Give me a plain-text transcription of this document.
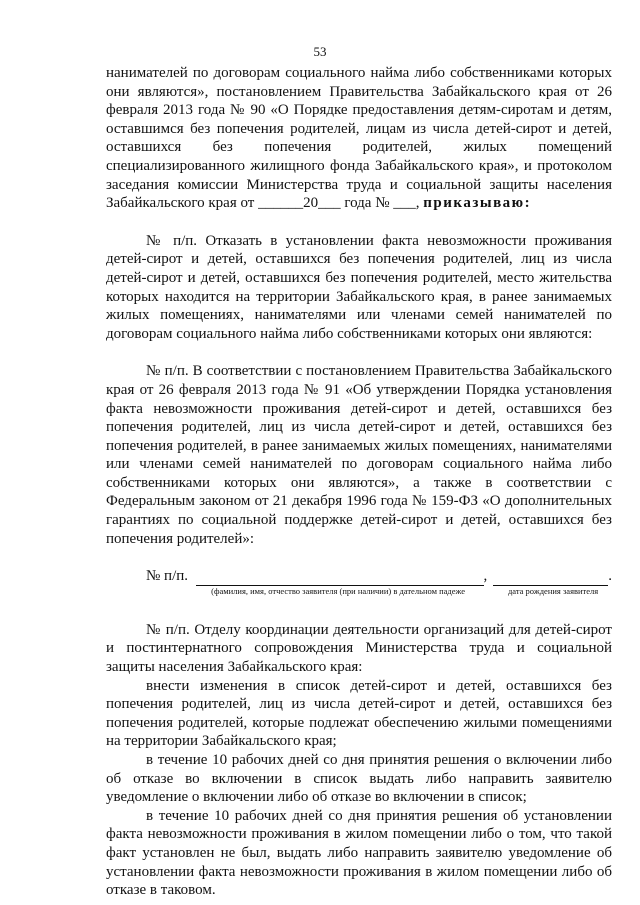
53

нанимателей по договорам социального найма либо собственниками которых они являются», постановлением Правительства Забайкальского края от 26 февраля 2013 года № 90 «О Порядке предоставления детям-сиротам и детям, оставшимся без попечения родителей, лицам из числа детей-сирот и детей, оставшихся без попечения родителей, жилых помещений специализированного жилищного фонда Забайкальского края», и протоколом заседания комиссии Министерства труда и социальной защиты населения Забайкальского края от ______20___ года № ___, приказываю:

№ п/п. Отказать в установлении факта невозможности проживания детей-сирот и детей, оставшихся без попечения родителей, лиц из числа детей-сирот и детей, оставшихся без попечения родителей, место жительства которых находится на территории Забайкальского края, в ранее занимаемых жилых помещениях, нанимателями или членами семей нанимателей по договорам социального найма либо собственниками которых они являются:

№ п/п. В соответствии с постановлением Правительства Забайкальского края от 26 февраля 2013 года № 91 «Об утверждении Порядка установления факта невозможности проживания детей-сирот и детей, оставшихся без попечения родителей, лиц из числа детей-сирот и детей, оставшихся без попечения родителей, в ранее занимаемых жилых помещениях, нанимателями или членами семей нанимателей по договорам социального найма либо собственниками которых они являются», а также в соответствии с Федеральным законом от 21 декабря 1996 года № 159-ФЗ «О дополнительных гарантиях по социальной поддержке детей-сирот и детей, оставшихся без попечения родителей»:

№ п/п.	,	.
(фамилия, имя, отчество заявителя (при наличии) в дательном падеже	дата рождения заявителя

№ п/п. Отделу координации деятельности организаций для детей-сирот и постинтернатного сопровождения Министерства труда и социальной защиты населения Забайкальского края:

внести изменения в список детей-сирот и детей, оставшихся без попечения родителей, лиц из числа детей-сирот и детей, оставшихся без попечения родителей, которые подлежат обеспечению жилыми помещениями на территории Забайкальского края;

в течение 10 рабочих дней со дня принятия решения о включении либо об отказе во включении в список выдать либо направить заявителю уведомление о включении либо об отказе во включении в список;

в течение 10 рабочих дней со дня принятия решения об установлении факта невозможности проживания в жилом помещении либо о том, что такой факт установлен не был, выдать либо направить заявителю уведомление об установлении факта невозможности проживания в жилом помещении либо об отказе в таковом.
